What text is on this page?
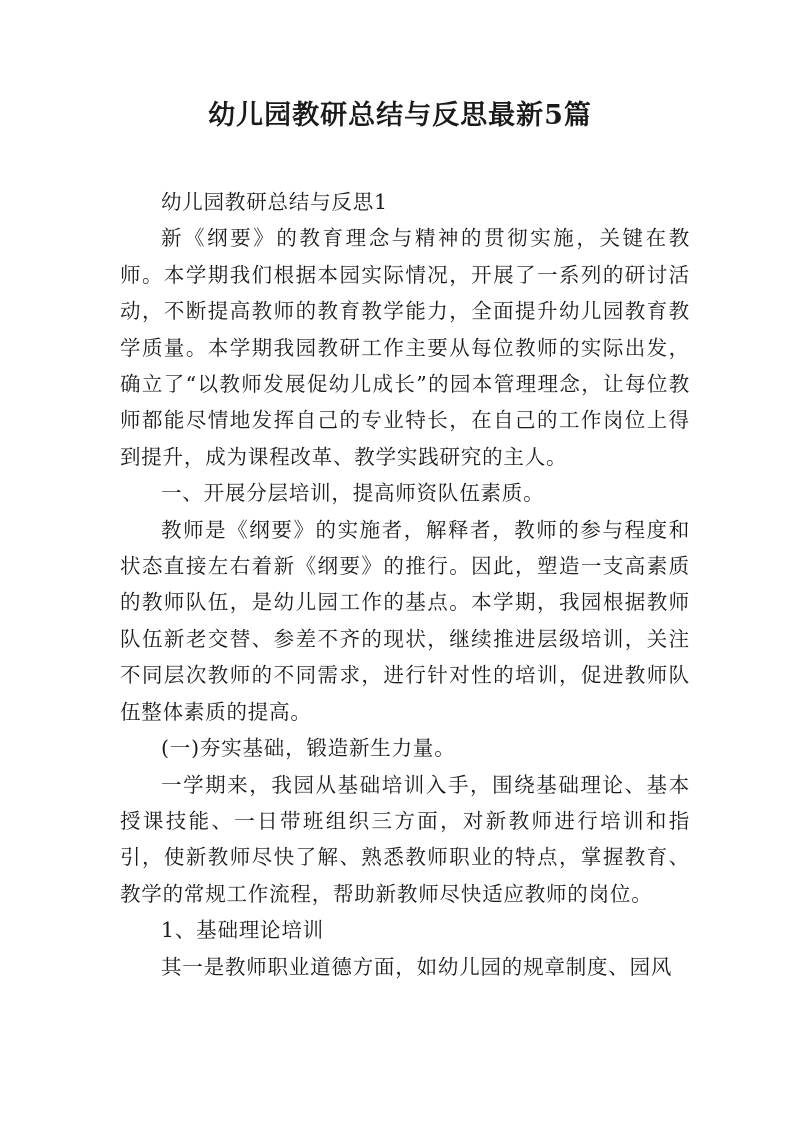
幼儿园教研总结与反思最新5篇

幼儿园教研总结与反思1

新《纲要》的教育理念与精神的贯彻实施，关键在教师。本学期我们根据本园实际情况，开展了一系列的研讨活动，不断提高教师的教育教学能力，全面提升幼儿园教育教学质量。本学期我园教研工作主要从每位教师的实际出发，确立了“以教师发展促幼儿成长”的园本管理理念，让每位教师都能尽情地发挥自己的专业特长，在自己的工作岗位上得到提升，成为课程改革、教学实践研究的主人。

一、开展分层培训，提高师资队伍素质。

教师是《纲要》的实施者，解释者，教师的参与程度和状态直接左右着新《纲要》的推行。因此，塑造一支高素质的教师队伍，是幼儿园工作的基点。本学期，我园根据教师队伍新老交替、参差不齐的现状，继续推进层级培训，关注不同层次教师的不同需求，进行针对性的培训，促进教师队伍整体素质的提高。

(一)夯实基础，锻造新生力量。

一学期来，我园从基础培训入手，围绕基础理论、基本授课技能、一日带班组织三方面，对新教师进行培训和指引，使新教师尽快了解、熟悉教师职业的特点，掌握教育、教学的常规工作流程，帮助新教师尽快适应教师的岗位。

1、基础理论培训

其一是教师职业道德方面，如幼儿园的规章制度、园风
